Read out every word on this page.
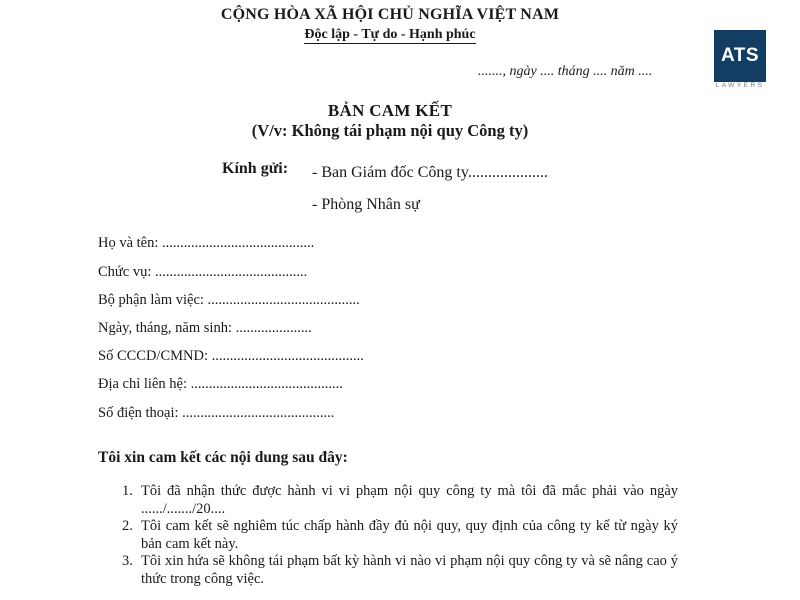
CỘNG HÒA XÃ HỘI CHỦ NGHĨA VIỆT NAM
Độc lập - Tự do - Hạnh phúc
......., ngày .... tháng .... năm ....
ATS
LAWYERS
BẢN CAM KẾT
(V/v: Không tái phạm nội quy Công ty)
Kính gửi: - Ban Giám đốc Công ty....................
- Phòng Nhân sự
Họ và tên: ..........................................
Chức vụ: ..........................................
Bộ phận làm việc: ..........................................
Ngày, tháng, năm sinh: .....................
Số CCCD/CMND: ..........................................
Địa chỉ liên hệ: ..........................................
Số điện thoại: ..........................................
Tôi xin cam kết các nội dung sau đây:
1. Tôi đã nhận thức được hành vi vi phạm nội quy công ty mà tôi đã mắc phải vào ngày ....../......./20....
2. Tôi cam kết sẽ nghiêm túc chấp hành đầy đủ nội quy, quy định của công ty kể từ ngày ký bản cam kết này.
3. Tôi xin hứa sẽ không tái phạm bất kỳ hành vi nào vi phạm nội quy công ty và sẽ nâng cao ý thức trong công việc.
